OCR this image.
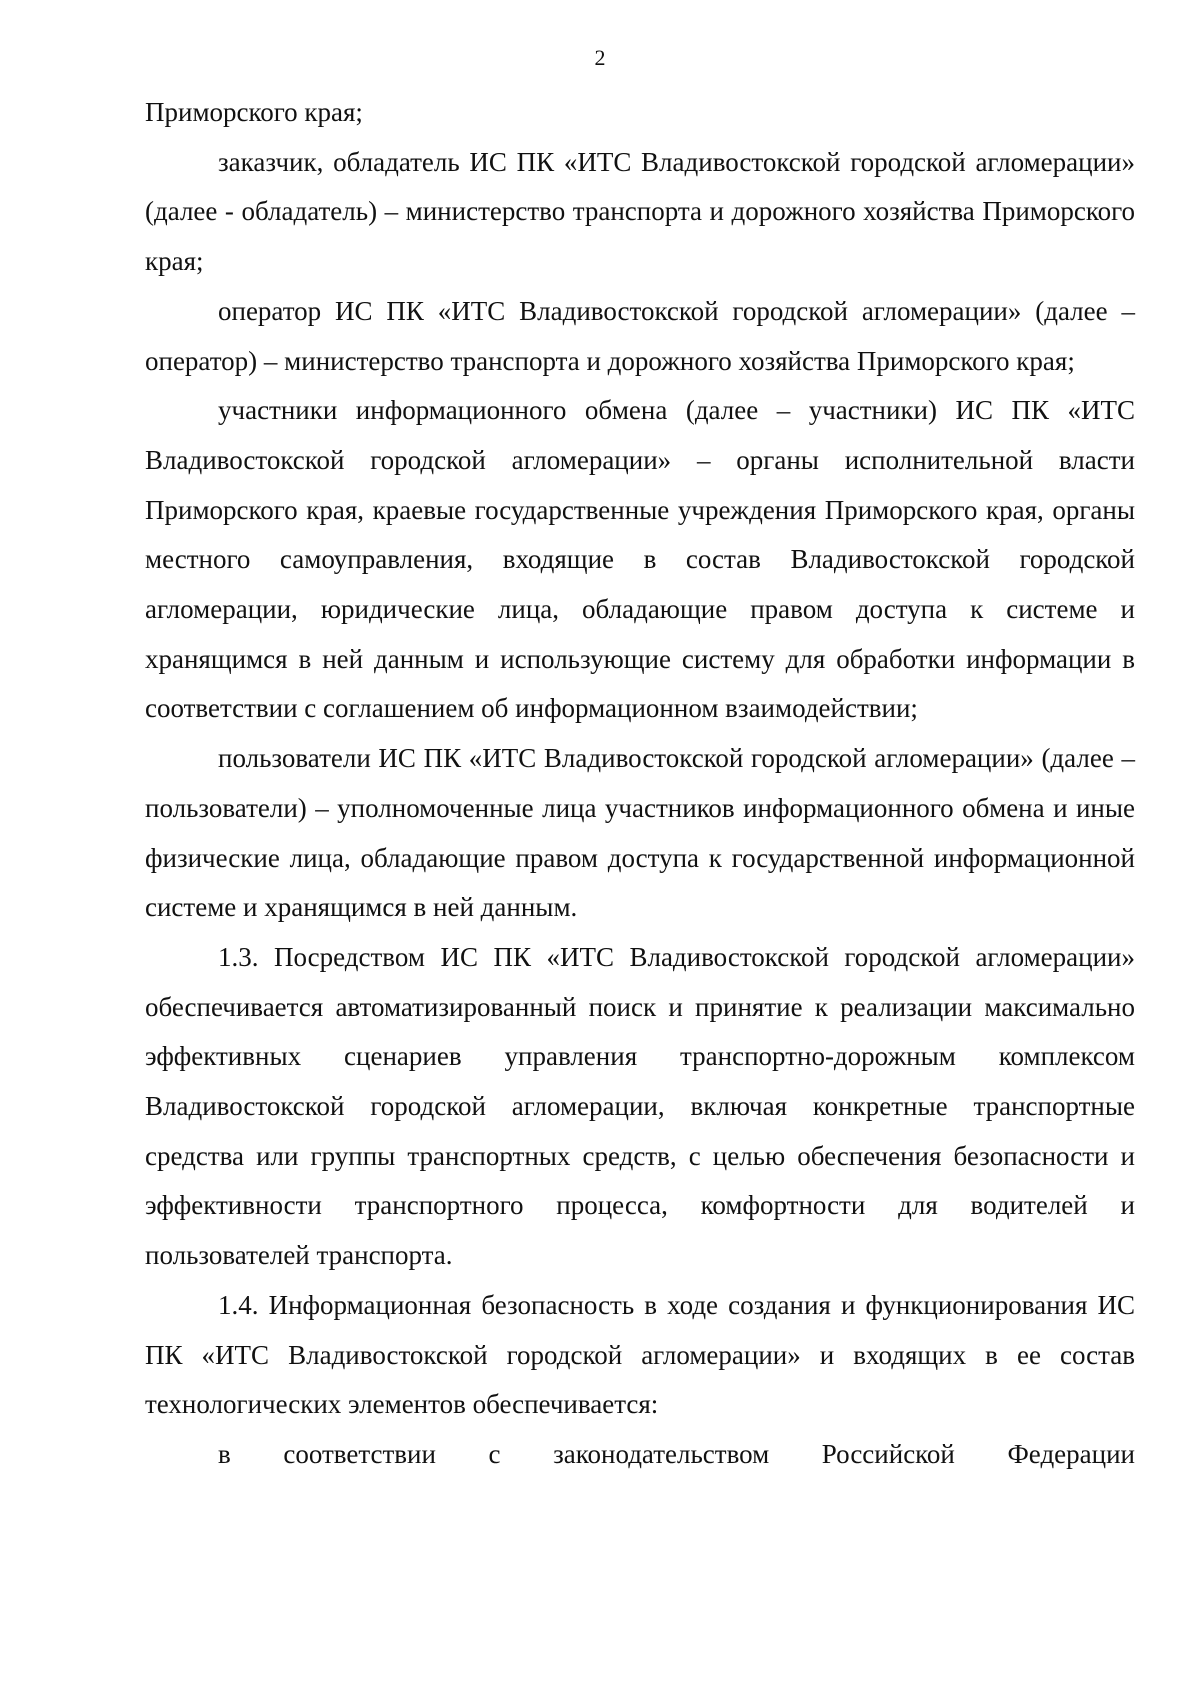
2

Приморского края;

заказчик, обладатель ИС ПК «ИТС Владивостокской городской агломерации» (далее - обладатель) – министерство транспорта и дорожного хозяйства Приморского края;

оператор ИС ПК «ИТС Владивостокской городской агломерации» (далее – оператор) – министерство транспорта и дорожного хозяйства Приморского края;

участники информационного обмена (далее – участники) ИС ПК «ИТС Владивостокской городской агломерации» – органы исполнительной власти Приморского края, краевые государственные учреждения Приморского края, органы местного самоуправления, входящие в состав Владивостокской городской агломерации, юридические лица, обладающие правом доступа к системе и хранящимся в ней данным и использующие систему для обработки информации в соответствии с соглашением об информационном взаимодействии;

пользователи ИС ПК «ИТС Владивостокской городской агломерации» (далее – пользователи) – уполномоченные лица участников информационного обмена и иные физические лица, обладающие правом доступа к государственной информационной системе и хранящимся в ней данным.

1.3. Посредством ИС ПК «ИТС Владивостокской городской агломерации» обеспечивается автоматизированный поиск и принятие к реализации максимально эффективных сценариев управления транспортно-дорожным комплексом Владивостокской городской агломерации, включая конкретные транспортные средства или группы транспортных средств, с целью обеспечения безопасности и эффективности транспортного процесса, комфортности для водителей и пользователей транспорта.

1.4. Информационная безопасность в ходе создания и функционирования ИС ПК «ИТС Владивостокской городской агломерации» и входящих в ее состав технологических элементов обеспечивается:

в соответствии с законодательством Российской Федерации
